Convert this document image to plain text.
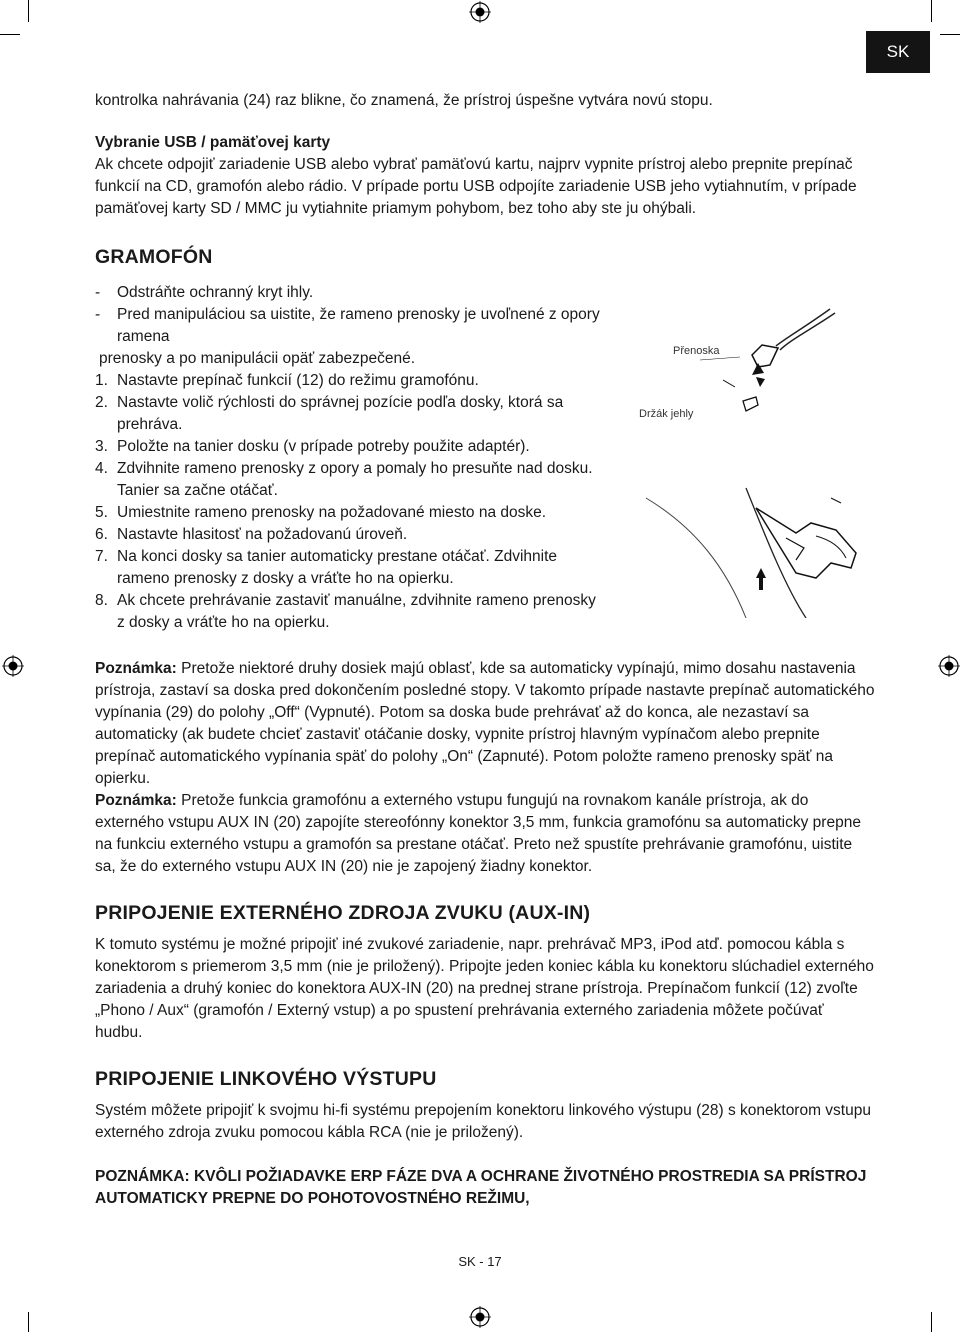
SK

kontrolka nahrávania (24) raz blikne, čo znamená, že prístroj úspešne vytvára novú stopu.

Vybranie USB / pamäťovej karty

Ak chcete odpojiť zariadenie USB alebo vybrať pamäťovú kartu, najprv vypnite prístroj alebo prepnite prepínač funkcií na CD, gramofón alebo rádio. V prípade portu USB odpojíte zariadenie USB jeho vytiahnutím, v prípade pamäťovej karty SD / MMC ju vytiahnite priamym pohybom, bez toho aby ste ju ohýbali.

GRAMOFÓN

-	Odstráňte ochranný kryt ihly.
-	Pred manipuláciou sa uistite, že rameno prenosky je uvoľnené z opory ramena
prenosky a po manipulácii opäť zabezpečené.
1. Nastavte prepínač funkcií (12) do režimu gramofónu.
2. Nastavte volič rýchlosti do správnej pozície podľa dosky, ktorá sa prehráva.
3. Položte na tanier dosku (v prípade potreby použite adaptér).
4. Zdvihnite rameno prenosky z opory a pomaly ho presuňte nad dosku. Tanier sa začne otáčať.
5. Umiestnite rameno prenosky na požadované miesto na doske.
6. Nastavte hlasitosť na požadovanú úroveň.
7. Na konci dosky sa tanier automaticky prestane otáčať. Zdvihnite rameno prenosky z dosky a vráťte ho na opierku.
8. Ak chcete prehrávanie zastaviť manuálne, zdvihnite rameno prenosky z dosky a vráťte ho na opierku.

Poznámka: Pretože niektoré druhy dosiek majú oblasť, kde sa automaticky vypínajú, mimo dosahu nastavenia prístroja, zastaví sa doska pred dokončením posledné stopy. V takomto prípade nastavte prepínač automatického vypínania (29) do polohy „Off“ (Vypnuté). Potom sa doska bude prehrávať až do konca, ale nezastaví sa automaticky (ak budete chcieť zastaviť otáčanie dosky, vypnite prístroj hlavným vypínačom alebo prepnite prepínač automatického vypínania späť do polohy „On“ (Zapnuté). Potom položte rameno prenosky späť na opierku.

Poznámka: Pretože funkcia gramofónu a externého vstupu fungujú na rovnakom kanále prístroja, ak do externého vstupu AUX IN (20) zapojíte stereofónny konektor 3,5 mm, funkcia gramofónu sa automaticky prepne na funkciu externého vstupu a gramofón sa prestane otáčať. Preto než spustíte prehrávanie gramofónu, uistite sa, že do externého vstupu AUX IN (20) nie je zapojený žiadny konektor.

PRIPOJENIE EXTERNÉHO ZDROJA ZVUKU (AUX-IN)

K tomuto systému je možné pripojiť iné zvukové zariadenie, napr. prehrávač MP3, iPod atď. pomocou kábla s konektorom s priemerom 3,5 mm (nie je priložený). Pripojte jeden koniec kábla ku konektoru slúchadiel externého zariadenia a druhý koniec do konektora AUX-IN (20) na prednej strane prístroja. Prepínačom funkcií (12) zvoľte „Phono / Aux“ (gramofón / Externý vstup) a po spustení prehrávania externého zariadenia môžete počúvať hudbu.

PRIPOJENIE LINKOVÉHO VÝSTUPU

Systém môžete pripojiť k svojmu hi-fi systému prepojením konektoru linkového výstupu (28) s konektorom vstupu externého zdroja zvuku pomocou kábla RCA (nie je priložený).

POZNÁMKA: KVÔLI POŽIADAVKE ERP FÁZE DVA A OCHRANE ŽIVOTNÉHO PROSTREDIA SA PRÍSTROJ AUTOMATICKY PREPNE DO POHOTOVOSTNÉHO REŽIMU,

Přenoska
Držák jehly
SK - 17
